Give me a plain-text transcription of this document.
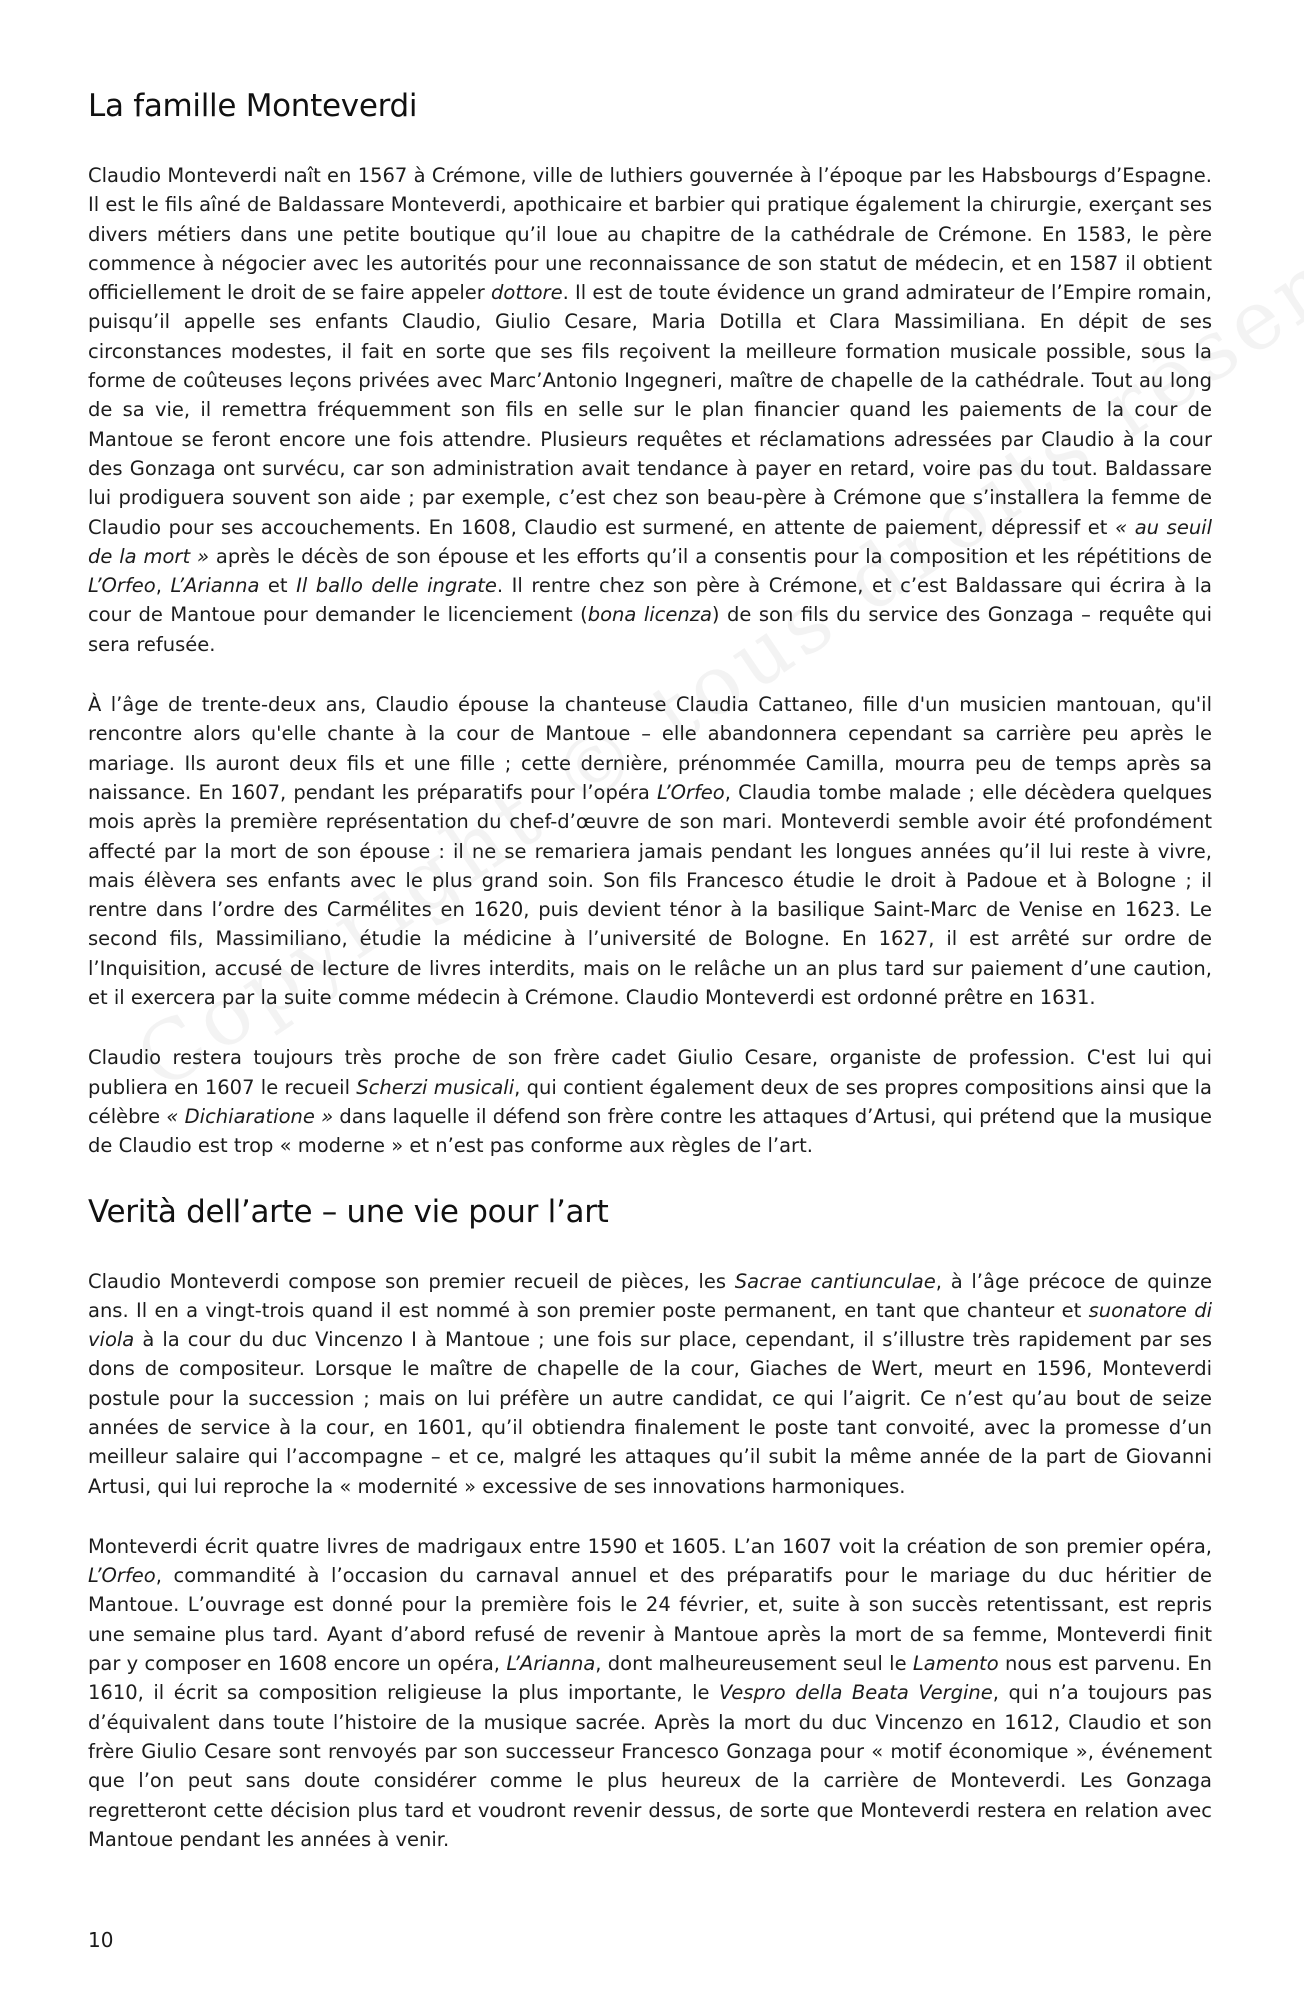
La famille Monteverdi

Claudio Monteverdi naît en 1567 à Crémone, ville de luthiers gouvernée à l’époque par les Habsbourgs d’Espagne. Il est le fils aîné de Baldassare Monteverdi, apothicaire et barbier qui pratique également la chirurgie, exerçant ses divers métiers dans une petite boutique qu’il loue au chapitre de la cathédrale de Crémone. En 1583, le père commence à négocier avec les autorités pour une reconnaissance de son statut de médecin, et en 1587 il obtient officiellement le droit de se faire appeler dottore. Il est de toute évidence un grand admirateur de l’Empire romain, puisqu’il appelle ses enfants Claudio, Giulio Cesare, Maria Dotilla et Clara Massimiliana. En dépit de ses circonstances modestes, il fait en sorte que ses fils reçoivent la meilleure formation musicale possible, sous la forme de coûteuses leçons privées avec Marc’Antonio Ingegneri, maître de chapelle de la cathédrale. Tout au long de sa vie, il remettra fréquemment son fils en selle sur le plan financier quand les paiements de la cour de Mantoue se feront encore une fois attendre. Plusieurs requêtes et réclamations adressées par Claudio à la cour des Gonzaga ont survécu, car son administration avait tendance à payer en retard, voire pas du tout. Baldassare lui prodiguera souvent son aide ; par exemple, c’est chez son beau-père à Crémone que s’installera la femme de Claudio pour ses accouchements. En 1608, Claudio est surmené, en attente de paiement, dépressif et « au seuil de la mort » après le décès de son épouse et les efforts qu’il a consentis pour la composition et les répétitions de L’Orfeo, L’Arianna et Il ballo delle ingrate. Il rentre chez son père à Crémone, et c’est Baldassare qui écrira à la cour de Mantoue pour demander le licenciement (bona licenza) de son fils du service des Gonzaga – requête qui sera refusée.

À l’âge de trente-deux ans, Claudio épouse la chanteuse Claudia Cattaneo, fille d'un musicien mantouan, qu'il rencontre alors qu'elle chante à la cour de Mantoue – elle abandonnera cependant sa carrière peu après le mariage. Ils auront deux fils et une fille ; cette dernière, prénommée Camilla, mourra peu de temps après sa naissance. En 1607, pendant les préparatifs pour l’opéra L’Orfeo, Claudia tombe malade ; elle décèdera quelques mois après la première représentation du chef-d’œuvre de son mari. Monteverdi semble avoir été profondément affecté par la mort de son épouse : il ne se remariera jamais pendant les longues années qu’il lui reste à vivre, mais élèvera ses enfants avec le plus grand soin. Son fils Francesco étudie le droit à Padoue et à Bologne ; il rentre dans l’ordre des Carmélites en 1620, puis devient ténor à la basilique Saint-Marc de Venise en 1623. Le second fils, Massimiliano, étudie la médicine à l’université de Bologne. En 1627, il est arrêté sur ordre de l’Inquisition, accusé de lecture de livres interdits, mais on le relâche un an plus tard sur paiement d’une caution, et il exercera par la suite comme médecin à Crémone. Claudio Monteverdi est ordonné prêtre en 1631.

Claudio restera toujours très proche de son frère cadet Giulio Cesare, organiste de profession. C'est lui qui publiera en 1607 le recueil Scherzi musicali, qui contient également deux de ses propres compositions ainsi que la célèbre « Dichiaratione » dans laquelle il défend son frère contre les attaques d’Artusi, qui prétend que la musique de Claudio est trop « moderne » et n’est pas conforme aux règles de l’art.

Verità dell’arte – une vie pour l’art

Claudio Monteverdi compose son premier recueil de pièces, les Sacrae cantiunculae, à l’âge précoce de quinze ans. Il en a vingt-trois quand il est nommé à son premier poste permanent, en tant que chanteur et suonatore di viola à la cour du duc Vincenzo I à Mantoue ; une fois sur place, cependant, il s’illustre très rapidement par ses dons de compositeur. Lorsque le maître de chapelle de la cour, Giaches de Wert, meurt en 1596, Monteverdi postule pour la succession ; mais on lui préfère un autre candidat, ce qui l’aigrit. Ce n’est qu’au bout de seize années de service à la cour, en 1601, qu’il obtiendra finalement le poste tant convoité, avec la promesse d’un meilleur salaire qui l’accompagne – et ce, malgré les attaques qu’il subit la même année de la part de Giovanni Artusi, qui lui reproche la « modernité » excessive de ses innovations harmoniques.

Monteverdi écrit quatre livres de madrigaux entre 1590 et 1605. L’an 1607 voit la création de son premier opéra, L’Orfeo, commandité à l’occasion du carnaval annuel et des préparatifs pour le mariage du duc héritier de Mantoue. L’ouvrage est donné pour la première fois le 24 février, et, suite à son succès retentissant, est repris une semaine plus tard. Ayant d’abord refusé de revenir à Mantoue après la mort de sa femme, Monteverdi finit par y composer en 1608 encore un opéra, L’Arianna, dont malheureusement seul le Lamento nous est parvenu. En 1610, il écrit sa composition religieuse la plus importante, le Vespro della Beata Vergine, qui n’a toujours pas d’équivalent dans toute l’histoire de la musique sacrée. Après la mort du duc Vincenzo en 1612, Claudio et son frère Giulio Cesare sont renvoyés par son successeur Francesco Gonzaga pour « motif économique », événement que l’on peut sans doute considérer comme le plus heureux de la carrière de Monteverdi. Les Gonzaga regretteront cette décision plus tard et voudront revenir dessus, de sorte que Monteverdi restera en relation avec Mantoue pendant les années à venir.

10
